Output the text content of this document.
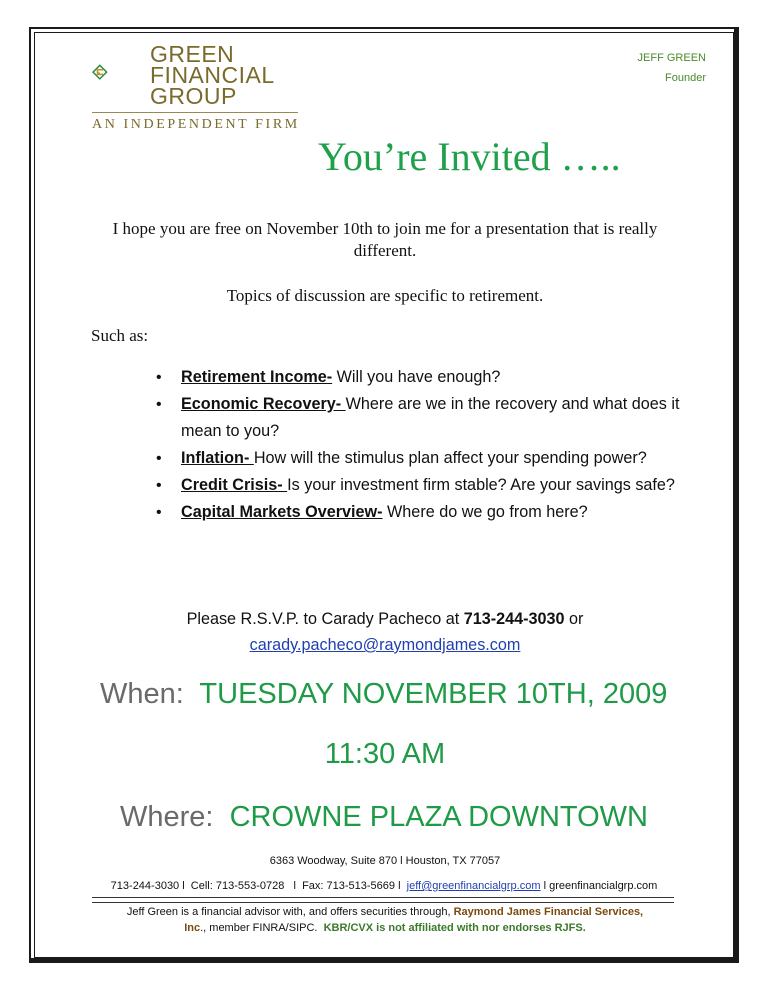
GREEN
FINANCIAL
GROUP
AN INDEPENDENT FIRM
JEFF GREEN
Founder
You’re Invited …..
I hope you are free on November 10th to join me for a presentation that is really different.
Topics of discussion are specific to retirement.
Such as:
• Retirement Income- Will you have enough?
• Economic Recovery- Where are we in the recovery and what does it mean to you?
• Inflation- How will the stimulus plan affect your spending power?
• Credit Crisis- Is your investment firm stable? Are your savings safe?
• Capital Markets Overview- Where do we go from here?
Please R.S.V.P. to Carady Pacheco at 713-244-3030 or
carady.pacheco@raymondjames.com
When:  TUESDAY NOVEMBER 10TH, 2009
11:30 AM
Where:  CROWNE PLAZA DOWNTOWN
6363 Woodway, Suite 870 l Houston, TX 77057
713-244-3030 l  Cell: 713-553-0728   l  Fax: 713-513-5669 l  jeff@greenfinancialgrp.com l greenfinancialgrp.com
Jeff Green is a financial advisor with, and offers securities through, Raymond James Financial Services, Inc., member FINRA/SIPC.  KBR/CVX is not affiliated with nor endorses RJFS.
